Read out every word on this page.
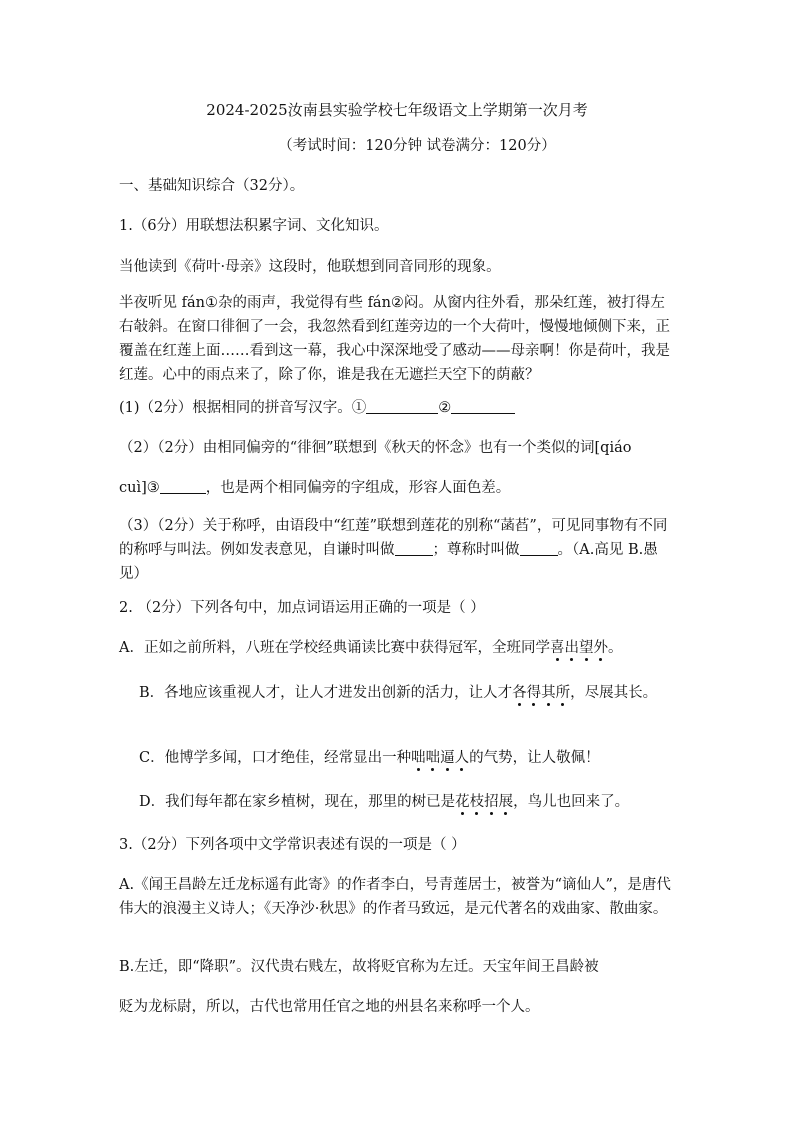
2024-2025汝南县实验学校七年级语文上学期第一次月考
（考试时间：120分钟 试卷满分：120分）
一、基础知识综合（32分）。
1.（6分）用联想法积累字词、文化知识。
当他读到《荷叶·母亲》这段时，他联想到同音同形的现象。
半夜听见 fán①杂的雨声，我觉得有些 fán②闷。从窗内往外看，那朵红莲，被打得左右敧斜。在窗口徘徊了一会，我忽然看到红莲旁边的一个大荷叶，慢慢地倾侧下来，正覆盖在红莲上面……看到这一幕，我心中深深地受了感动——母亲啊！你是荷叶，我是红莲。心中的雨点来了，除了你，谁是我在无遮拦天空下的荫蔽？
(1)（2分）根据相同的拼音写汉字。①	②
（2）（2分）由相同偏旁的“徘徊”联想到《秋天的怀念》也有一个类似的词[qiáo
cuì]③	，也是两个相同偏旁的字组成，形容人面色差。
（3）（2分）关于称呼，由语段中“红莲”联想到莲花的别称“菡萏”，可见同事物有不同的称呼与叫法。例如发表意见，自谦时叫做	；尊称时叫做	。（A.高见 B.愚见）
2. （2分）下列各句中，加点词语运用正确的一项是（ ）
A．正如之前所料，八班在学校经典诵读比赛中获得冠军，全班同学喜出望外。
B．各地应该重视人才，让人才进发出创新的活力，让人才各得其所，尽展其长。
C．他博学多闻，口才绝佳，经常显出一种咄咄逼人的气势，让人敬佩！
D．我们每年都在家乡植树，现在，那里的树已是花枝招展，鸟儿也回来了。
3.（2分）下列各项中文学常识表述有误的一项是（ ）
A.《闻王昌龄左迁龙标遥有此寄》的作者李白，号青莲居士，被誉为“谪仙人”，是唐代伟大的浪漫主义诗人；《天净沙·秋思》的作者马致远，是元代著名的戏曲家、散曲家。
B.左迁，即“降职”。汉代贵右贱左，故将贬官称为左迁。天宝年间王昌龄被
贬为龙标尉，所以，古代也常用任官之地的州县名来称呼一个人。
